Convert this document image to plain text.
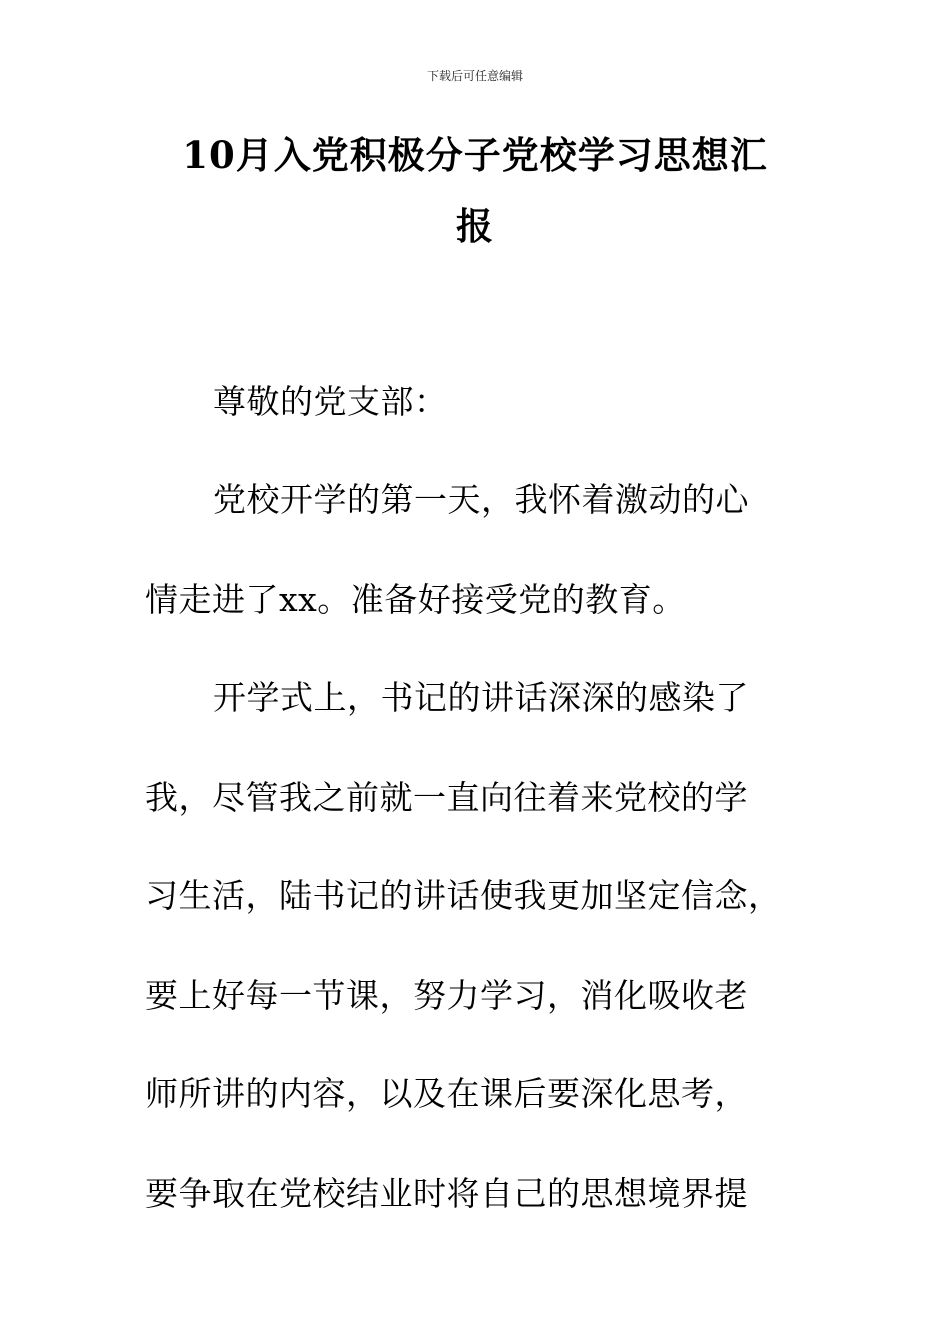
下载后可任意编辑
10月入党积极分子党校学习思想汇
报
尊敬的党支部：
党校开学的第一天，我怀着激动的心
情走进了xx。准备好接受党的教育。
开学式上，书记的讲话深深的感染了
我，尽管我之前就一直向往着来党校的学
习生活，陆书记的讲话使我更加坚定信念，
要上好每一节课，努力学习，消化吸收老
师所讲的内容，以及在课后要深化思考，
要争取在党校结业时将自己的思想境界提
